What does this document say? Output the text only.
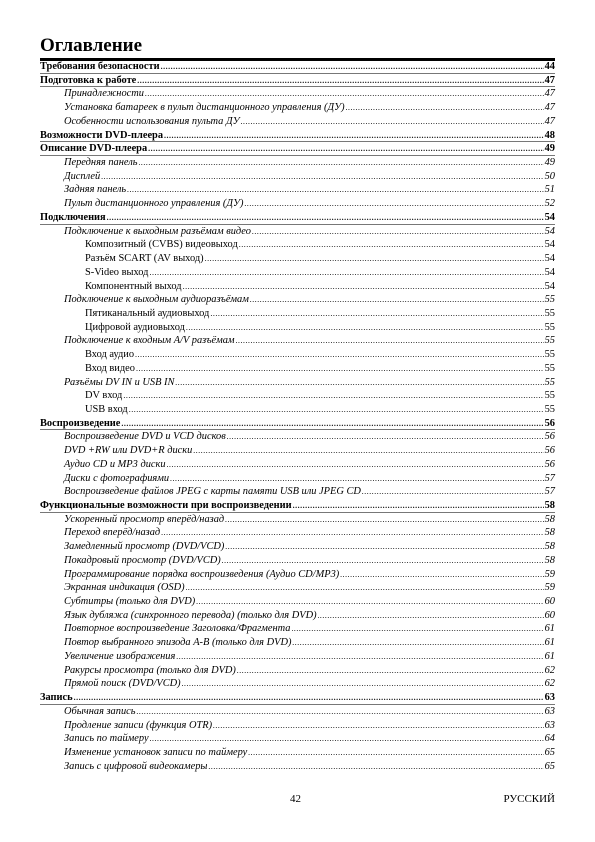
Оглавление
Требования безопасности .....	44
Подготовка к работе .....	47
Принадлежности .....	47
Установка батареек в пульт дистанционного управления (ДУ) .....	47
Особенности использования пульта ДУ .....	47
Возможности DVD-плеера .....	48
Описание DVD-плеера .....	49
Передняя панель .....	49
Дисплей .....	50
Задняя панель .....	51
Пульт дистанционного управления (ДУ) .....	52
Подключения .....	54
Подключение к выходным разъёмам видео .....	54
Композитный (CVBS) видеовыход .....	54
Разъём SCART (AV выход) .....	54
S-Video выход .....	54
Компонентный выход .....	54
Подключение к выходным аудиоразъёмам .....	55
Пятиканальный аудиовыход .....	55
Цифровой аудиовыход .....	55
Подключение к входным A/V разъёмам .....	55
Вход аудио .....	55
Вход видео .....	55
Разъёмы DV IN и USB IN .....	55
DV вход .....	55
USB вход .....	55
Воспроизведение .....	56
Воспроизведение DVD и VCD дисков .....	56
DVD +RW или DVD+R диски .....	56
Аудио CD и MP3 диски .....	56
Диски с фотографиями .....	57
Воспроизведение файлов JPEG с карты памяти USB или JPEG CD .....	57
Функциональные возможности при воспроизведении .....	58
Ускоренный просмотр вперёд/назад .....	58
Переход вперёд/назад .....	58
Замедленный просмотр (DVD/VCD) .....	58
Покадровый просмотр (DVD/VCD) .....	58
Программирование порядка воспроизведения (Аудио CD/MP3) .....	59
Экранная индикация (OSD) .....	59
Субтитры (только для DVD) .....	60
Язык дубляжа (синхронного перевода) (только для DVD) .....	60
Повторное воспроизведение Заголовка/Фрагмента .....	61
Повтор выбранного эпизода А-В (только для DVD) .....	61
Увеличение изображения .....	61
Ракурсы просмотра (только для DVD) .....	62
Прямой поиск (DVD/VCD) .....	62
Запись .....	63
Обычная запись .....	63
Продление записи (функция OTR) .....	63
Запись по таймеру .....	64
Изменение установок записи по таймеру .....	65
Запись с цифровой видеокамеры .....	65
42	РУССКИЙ
